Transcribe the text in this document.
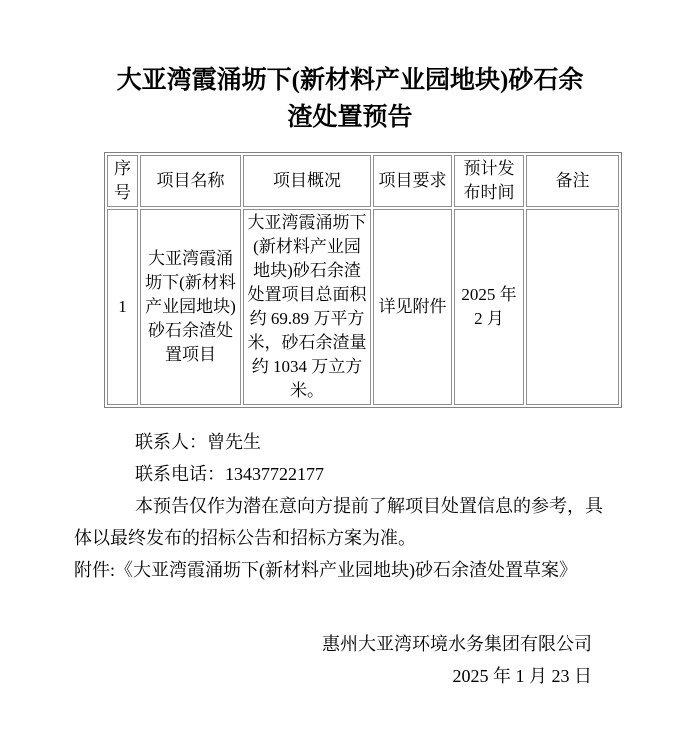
大亚湾霞涌坜下(新材料产业园地块)砂石余渣处置预告
序号	项目名称	项目概况	项目要求	预计发布时间	备注
1	大亚湾霞涌坜下(新材料产业园地块)砂石余渣处置项目	大亚湾霞涌坜下(新材料产业园地块)砂石余渣处置项目总面积约 69.89 万平方米，砂石余渣量约 1034 万立方米。	详见附件	2025 年 2 月	

联系人：曾先生

联系电话：13437722177

本预告仅作为潜在意向方提前了解项目处置信息的参考，具体以最终发布的招标公告和招标方案为准。

附件:《大亚湾霞涌坜下(新材料产业园地块)砂石余渣处置草案》

惠州大亚湾环境水务集团有限公司

2025 年 1 月 23 日
